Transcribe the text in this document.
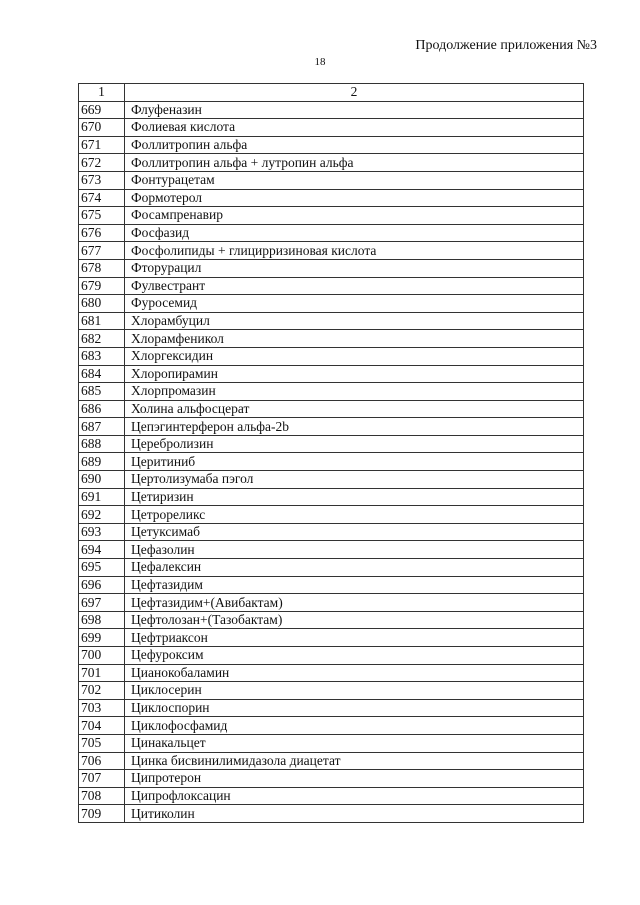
Продолжение приложения №3
18
1	2
669	Флуфеназин
670	Фолиевая кислота
671	Фоллитропин альфа
672	Фоллитропин альфа + лутропин альфа
673	Фонтурацетам
674	Формотерол
675	Фосампренавир
676	Фосфазид
677	Фосфолипиды + глицирризиновая кислота
678	Фторурацил
679	Фулвестрант
680	Фуросемид
681	Хлорамбуцил
682	Хлорамфеникол
683	Хлоргексидин
684	Хлоропирамин
685	Хлорпромазин
686	Холина альфосцерат
687	Цепэгинтерферон альфа-2b
688	Церебролизин
689	Церитиниб
690	Цертолизумаба пэгол
691	Цетиризин
692	Цетрореликс
693	Цетуксимаб
694	Цефазолин
695	Цефалексин
696	Цефтазидим
697	Цефтазидим+(Авибактам)
698	Цефтолозан+(Тазобактам)
699	Цефтриаксон
700	Цефуроксим
701	Цианокобаламин
702	Циклосерин
703	Циклоспорин
704	Циклофосфамид
705	Цинакальцет
706	Цинка бисвинилимидазола диацетат
707	Ципротерон
708	Ципрофлоксацин
709	Цитиколин
